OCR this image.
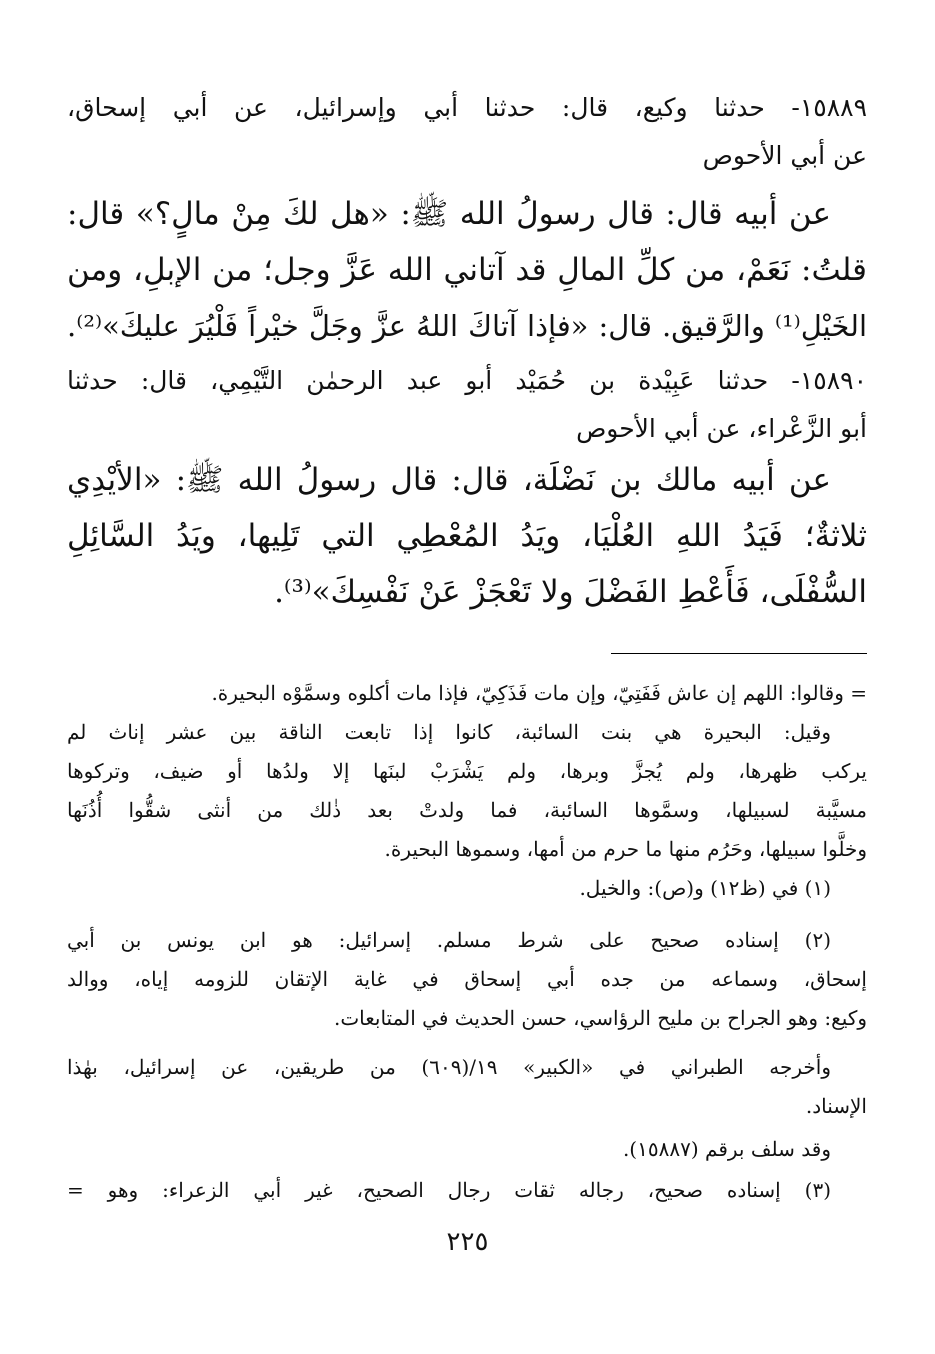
١٥٨٨٩- حدثنا وكيع، قال: حدثنا أبي وإسرائيل، عن أبي إسحاق،
عن أبي الأحوص
عن أبيه قال: قال رسولُ الله ﷺ: «هل لكَ مِنْ مالٍ؟» قال:
قلتُ: نَعَمْ، من كلِّ المالِ قد آتاني الله عَزَّ وجل؛ من الإبلِ، ومن
الخَيْلِ⁽¹⁾ والرَّقيق. قال: «فإذا آتاكَ اللهُ عزَّ وجَلَّ خيْراً فَلْيُرَ عليكَ»⁽²⁾.
١٥٨٩٠- حدثنا عَبِيْدة بن حُمَيْد أبو عبد الرحمٰن التَّيْمِي، قال: حدثنا
أبو الزَّعْراء، عن أبي الأحوص
عن أبيه مالك بن نَضْلَة، قال: قال رسولُ الله ﷺ: «الأيْدِي
ثلاثةٌ؛ فَيَدُ اللهِ العُلْيَا، ويَدُ المُعْطِي التي تَلِيها، ويَدُ السَّائِلِ
السُّفْلَى، فَأَعْطِ الفَضْلَ ولا تَعْجَزْ عَنْ نَفْسِكَ»⁽³⁾.
= وقالوا: اللهم إن عاش فَفَتِيّ، وإن مات فَذَكِيّ، فإذا مات أكلوه وسمَّوْه البحيرة.
وقيل: البحيرة هي بنت السائبة، كانوا إذا تابعت الناقة بين عشر إناث لم
يركب ظهرها، ولم يُجزَّ وبرها، ولم يَشْرَبْ لبنَها إلا ولدُها أو ضيف، وتركوها
مسيَّبة لسبيلها، وسمَّوها السائبة، فما ولدتْ بعد ذٰلك من أنثى شقُّوا أُذُنَها
وخلَّوا سبيلها، وحَرُم منها ما حرم من أمها، وسموها البحيرة.
(١) في (ظ١٢) و(ص): والخيل.
(٢) إسناده صحيح على شرط مسلم. إسرائيل: هو ابن يونس بن أبي
إسحاق، وسماعه من جده أبي إسحاق في غاية الإتقان للزومه إياه، ووالد
وكيع: وهو الجراح بن مليح الرؤاسي، حسن الحديث في المتابعات.
وأخرجه الطبراني في «الكبير» ١٩/(٦٠٩) من طريقين، عن إسرائيل، بهٰذا
الإسناد.
وقد سلف برقم (١٥٨٨٧).
(٣) إسناده صحيح، رجاله ثقات رجال الصحيح، غير أبي الزعراء: وهو =
٢٢٥
